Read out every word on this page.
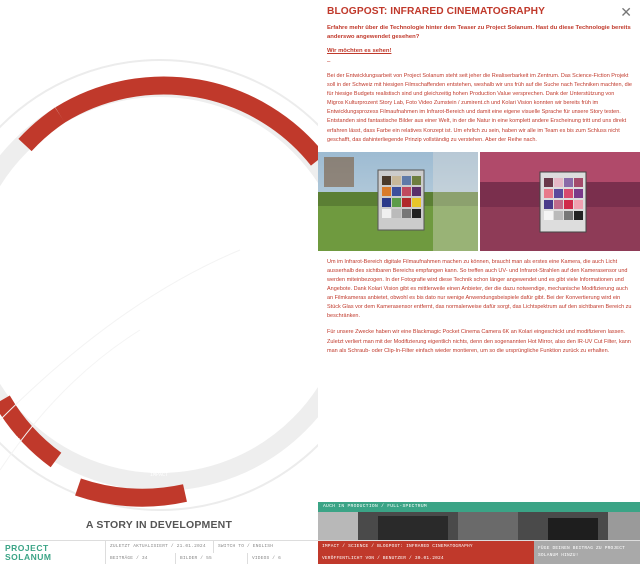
SCIENCE
IMPACT
A STORY IN DEVELOPMENT
✕
BLOGPOST: INFRARED CINEMATOGRAPHY
Erfahre mehr über die Technologie hinter dem Teaser zu Project Solanum. Hast du diese Technologie bereits anderswo angewendet gesehen?
Wir möchten es sehen!
–

Bei der Entwicklungsarbeit von Project Solanum steht seit jeher die Realiserbarkeit im Zentrum. Das Science-Fiction Projekt soll in der Schweiz mit hiesigen Filmschaffenden entstehen, weshalb wir uns früh auf die Suche nach Techniken machten, die für hiesige Budgets realistisch sind und gleichzeitig hohen Production Value versprechen. Dank der Unterstützung von Migros Kulturprozent Story Lab, Foto Video Zumstein / zumirent.ch und Kolari Vision konnten wir bereits früh im Entwicklungsprozess Filmaufnahmen im Infrarot-Bereich und damit eine eigene visuelle Sprache für unsere Story testen. Entstanden sind fantastische Bilder aus einer Welt, in der die Natur in eine komplett andere Erscheinung tritt und uns direkt erfahren lässt, dass Farbe ein relatives Konzept ist. Um ehrlich zu sein, haben wir alle im Team es bis zum Schluss nicht geschafft, das dahinterliegende Prinzip vollständig zu verstehen. Aber der Reihe nach.

Um im Infrarot-Bereich digitale Filmaufnahmen machen zu können, braucht man als erstes eine Kamera, die auch Licht ausserhalb des sichtbaren Bereichs empfangen kann. So treffen auch UV- und Infrarot-Strahlen auf den Kamerasensor und werden miteinbezogen. In der Fotografie wird diese Technik schon länger angewendet und es gibt viele Informationen und Angebote. Dank Kolari Vision gibt es mittlerweile einen Anbieter, der die dazu notwendige, mechanische Modifizierung auch an Filmkameras anbietet, obwohl es bis dato nur wenige Anwendungsbeispiele dafür gibt. Bei der Konvertierung wird ein Stück Glas vor dem Kamerasensor entfernt, das normalerweise dafür sorgt, das Lichtspektrum auf den sichtbaren Bereich zu beschränken.

Für unsere Zwecke haben wir eine Blackmagic Pocket Cinema Camera 6K an Kolari eingeschickt und modifizieren lassen. Zuletzt verliert man mit der Modifizierung eigentlich nichts, denn den sogenannten Hot Mirror, also den IR-UV Cut Filter, kann man als Schraub- oder Clip-In-Filter einfach wieder montieren, um so die ursprüngliche Funktion zurück zu erhalten.

AUCH IN PRODUCTION / FULL-SPECTRUM
PROJECT
SOLANUM
ZULETZT AKTUALISIERT / 21.01.2024	SWITCH TO / ENGLISH
BEITRÄGE / 34	BILDER / 55	VIDEOS / 6
IMPACT / SCIENCE / BLOGPOST: INFRARED CINEMATOGRAPHY
VERÖFFENTLICHT VON / BENUTZER / 30.01.2024
FÜGE DEINEN BEITRAG ZU PROJECT SOLANUM HINZU!
